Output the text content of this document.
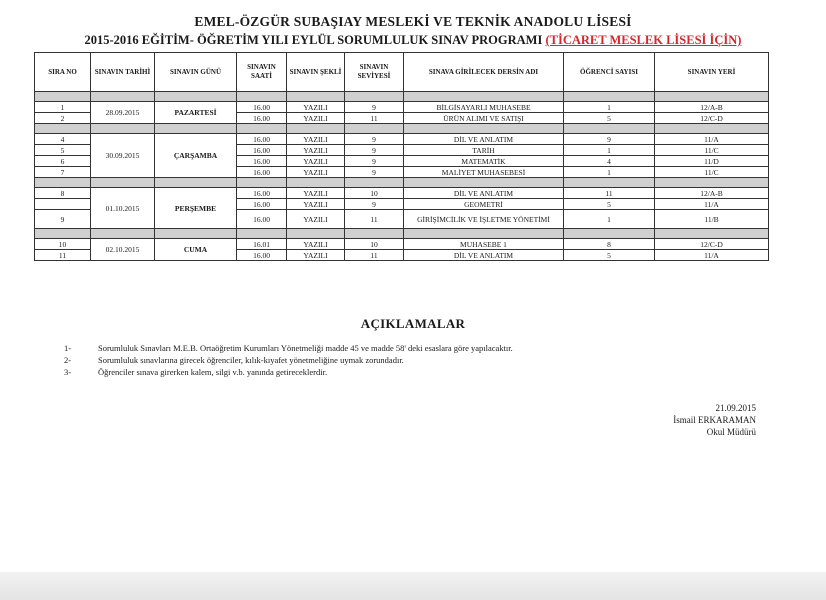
EMEL-ÖZGÜR SUBAŞIAY MESLEKİ VE TEKNİK ANADOLU LİSESİ
2015-2016 EĞİTİM- ÖĞRETİM YILI EYLÜL SORUMLULUK SINAV PROGRAMI (TİCARET MESLEK LİSESİ İÇİN)
SIRA NO	SINAVIN TARİHİ	SINAVIN GÜNÜ	SINAVIN SAATİ	SINAVIN ŞEKLİ	SINAVIN SEVİYESİ	SINAVA GİRİLECEK DERSİN ADI	ÖĞRENCİ SAYISI	SINAVIN YERİ

1	28.09.2015	PAZARTESİ	16.00	YAZILI	9	BİLGİSAYARLI MUHASEBE	1	12/A-B
2			16.00	YAZILI	11	ÜRÜN ALIMI VE SATIŞI	5	12/C-D

4	30.09.2015	ÇARŞAMBA	16.00	YAZILI	9	DİL VE ANLATIM	9	11/A
5			16.00	YAZILI	9	TARİH	1	11/C
6			16.00	YAZILI	9	MATEMATİK	4	11/D
7			16.00	YAZILI	9	MALİYET MUHASEBESİ	1	11/C

8	01.10.2015	PERŞEMBE	16.00	YAZILI	10	DİL VE ANLATIM	11	12/A-B
			16.00	YAZILI	9	GEOMETRİ	5	11/A
9			16.00	YAZILI	11	GİRİŞİMCİLİK VE İŞLETME YÖNETİMİ	1	11/B

10	02.10.2015	CUMA	16.01	YAZILI	10	MUHASEBE 1	8	12/C-D
11			16.00	YAZILI	11	DİL VE ANLATIM	5	11/A
AÇIKLAMALAR
1-	Sorumluluk Sınavları M.E.B. Ortaöğretim Kurumları Yönetmeliği madde 45 ve madde 58' deki esaslara göre yapılacaktır.
2-	Sorumluluk sınavlarına girecek öğrenciler, kılık-kıyafet yönetmeliğine uymak zorundadır.
3-	Öğrenciler sınava girerken kalem, silgi v.b. yanında getireceklerdir.
21.09.2015
İsmail ERKARAMAN
Okul Müdürü
